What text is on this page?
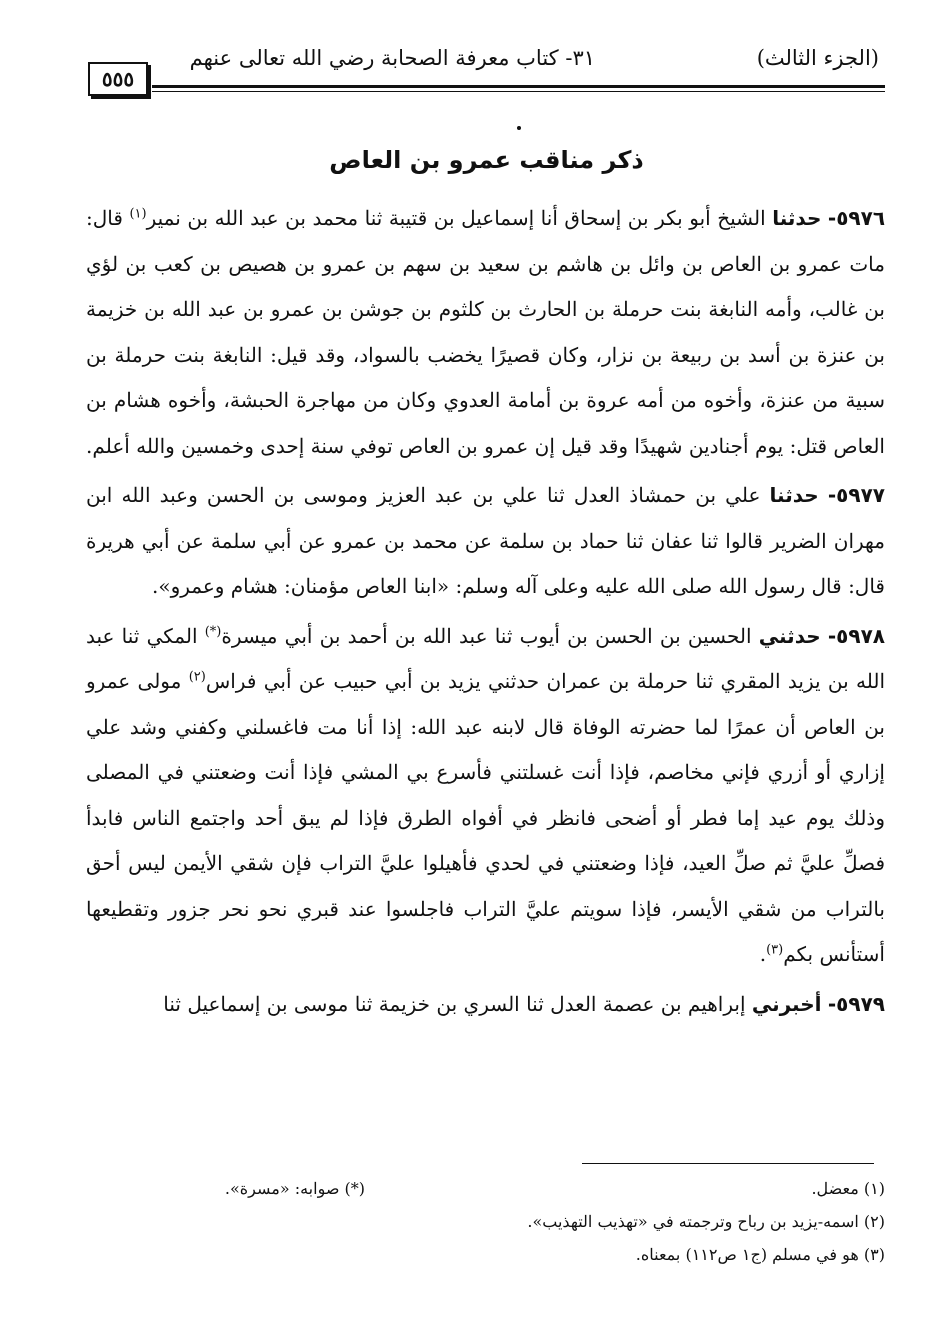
(الجزء الثالث)
٣١- كتاب معرفة الصحابة رضي الله تعالى عنهم
٥٥٥
ذكر مناقب عمرو بن العاص

٥٩٧٦- حدثنا الشيخ أبو بكر بن إسحاق أنا إسماعيل بن قتيبة ثنا محمد بن عبد الله بن نمير$^{(١)}$ قال: مات عمرو بن العاص بن وائل بن هاشم بن سعيد بن سهم بن عمرو بن هصيص بن كعب بن لؤي بن غالب، وأمه النابغة بنت حرملة بن الحارث بن كلثوم بن جوشن بن عمرو بن عبد الله بن خزيمة بن عنزة بن أسد بن ربيعة بن نزار، وكان قصيرًا يخضب بالسواد، وقد قيل: النابغة بنت حرملة بن سبية من عنزة، وأخوه من أمه عروة بن أمامة العدوي وكان من مهاجرة الحبشة، وأخوه هشام بن العاص قتل: يوم أجنادين شهيدًا وقد قيل إن عمرو بن العاص توفي سنة إحدى وخمسين والله أعلم.

٥٩٧٧- حدثنا علي بن حمشاذ العدل ثنا علي بن عبد العزيز وموسى بن الحسن وعبد الله ابن مهران الضرير قالوا ثنا عفان ثنا حماد بن سلمة عن محمد بن عمرو عن أبي سلمة عن أبي هريرة قال: قال رسول الله صلى الله عليه وعلى آله وسلم: «ابنا العاص مؤمنان: هشام وعمرو».

٥٩٧٨- حدثني الحسين بن الحسن بن أيوب ثنا عبد الله بن أحمد بن أبي ميسرة(*) المكي ثنا عبد الله بن يزيد المقري ثنا حرملة بن عمران حدثني يزيد بن أبي حبيب عن أبي فراس$^{(٢)}$ مولى عمرو بن العاص أن عمرًا لما حضرته الوفاة قال لابنه عبد الله: إذا أنا مت فاغسلني وكفني وشد علي إزاري أو أزري فإني مخاصم، فإذا أنت غسلتني فأسرع بي المشي فإذا أنت وضعتني في المصلى وذلك يوم عيد إما فطر أو أضحى فانظر في أفواه الطرق فإذا لم يبق أحد واجتمع الناس فابدأ فصلِّ عليَّ ثم صلِّ العيد، فإذا وضعتني في لحدي فأهيلوا عليَّ التراب فإن شقي الأيمن ليس أحق بالتراب من شقي الأيسر، فإذا سويتم عليَّ التراب فاجلسوا عند قبري نحو نحر جزور وتقطيعها أستأنس بكم$^{(٣)}$.

٥٩٧٩- أخبرني إبراهيم بن عصمة العدل ثنا السري بن خزيمة ثنا موسى بن إسماعيل ثنا

(١) معضل.
(*) صوابه: «مسرة».
(٢) اسمه-يزيد بن رباح وترجمته في «تهذيب التهذيب».
(٣) هو في مسلم (ج١ ص١١٢) بمعناه.
